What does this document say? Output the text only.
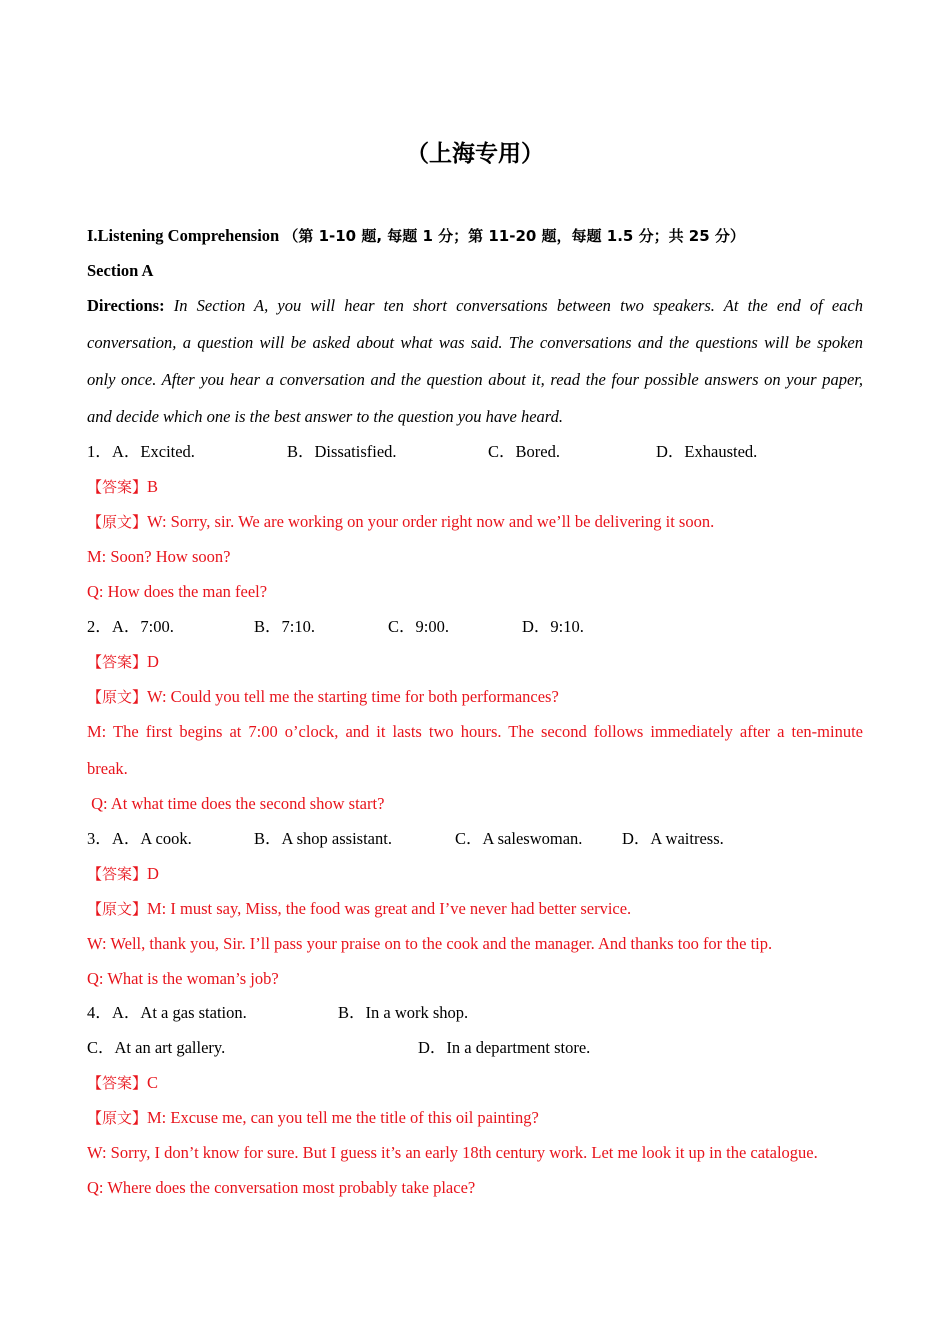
（上海专用）
I.Listening Comprehension （第 1-10 题, 每题 1 分；第 11-20 题，每题 1.5 分；共 25 分）
Section A
Directions: In Section A, you will hear ten short conversations between two speakers. At the end of each
conversation, a question will be asked about what was said. The conversations and the questions will be spoken
only once. After you hear a conversation and the question about it, read the four possible answers on your paper,
and decide which one is the best answer to the question you have heard.
1． A．Excited.	B．Dissatisfied.	C．Bored.	D．Exhausted.
【答案】B
【原文】W: Sorry, sir. We are working on your order right now and we’ll be delivering it soon.
M: Soon? How soon?
Q: How does the man feel?
2． A．7:00.	B．7:10.	C．9:00.	D．9:10.
【答案】D
【原文】W: Could you tell me the starting time for both performances?
M: The first begins at 7:00 o’clock, and it lasts two hours. The second follows immediately after a ten-minute
break.
Q: At what time does the second show start?
3． A．A cook.	B．A shop assistant.	C．A saleswoman. D．A waitress.
【答案】D
【原文】M: I must say, Miss, the food was great and I’ve never had better service.
W: Well, thank you, Sir. I’ll pass your praise on to the cook and the manager. And thanks too for the tip.
Q: What is the woman’s job?
4． A．At a gas station.	B．In a work shop.
C．At an art gallery.	D．In a department store.
【答案】C
【原文】M: Excuse me, can you tell me the title of this oil painting?
W: Sorry, I don’t know for sure. But I guess it’s an early 18th century work. Let me look it up in the catalogue.
Q: Where does the conversation most probably take place?
